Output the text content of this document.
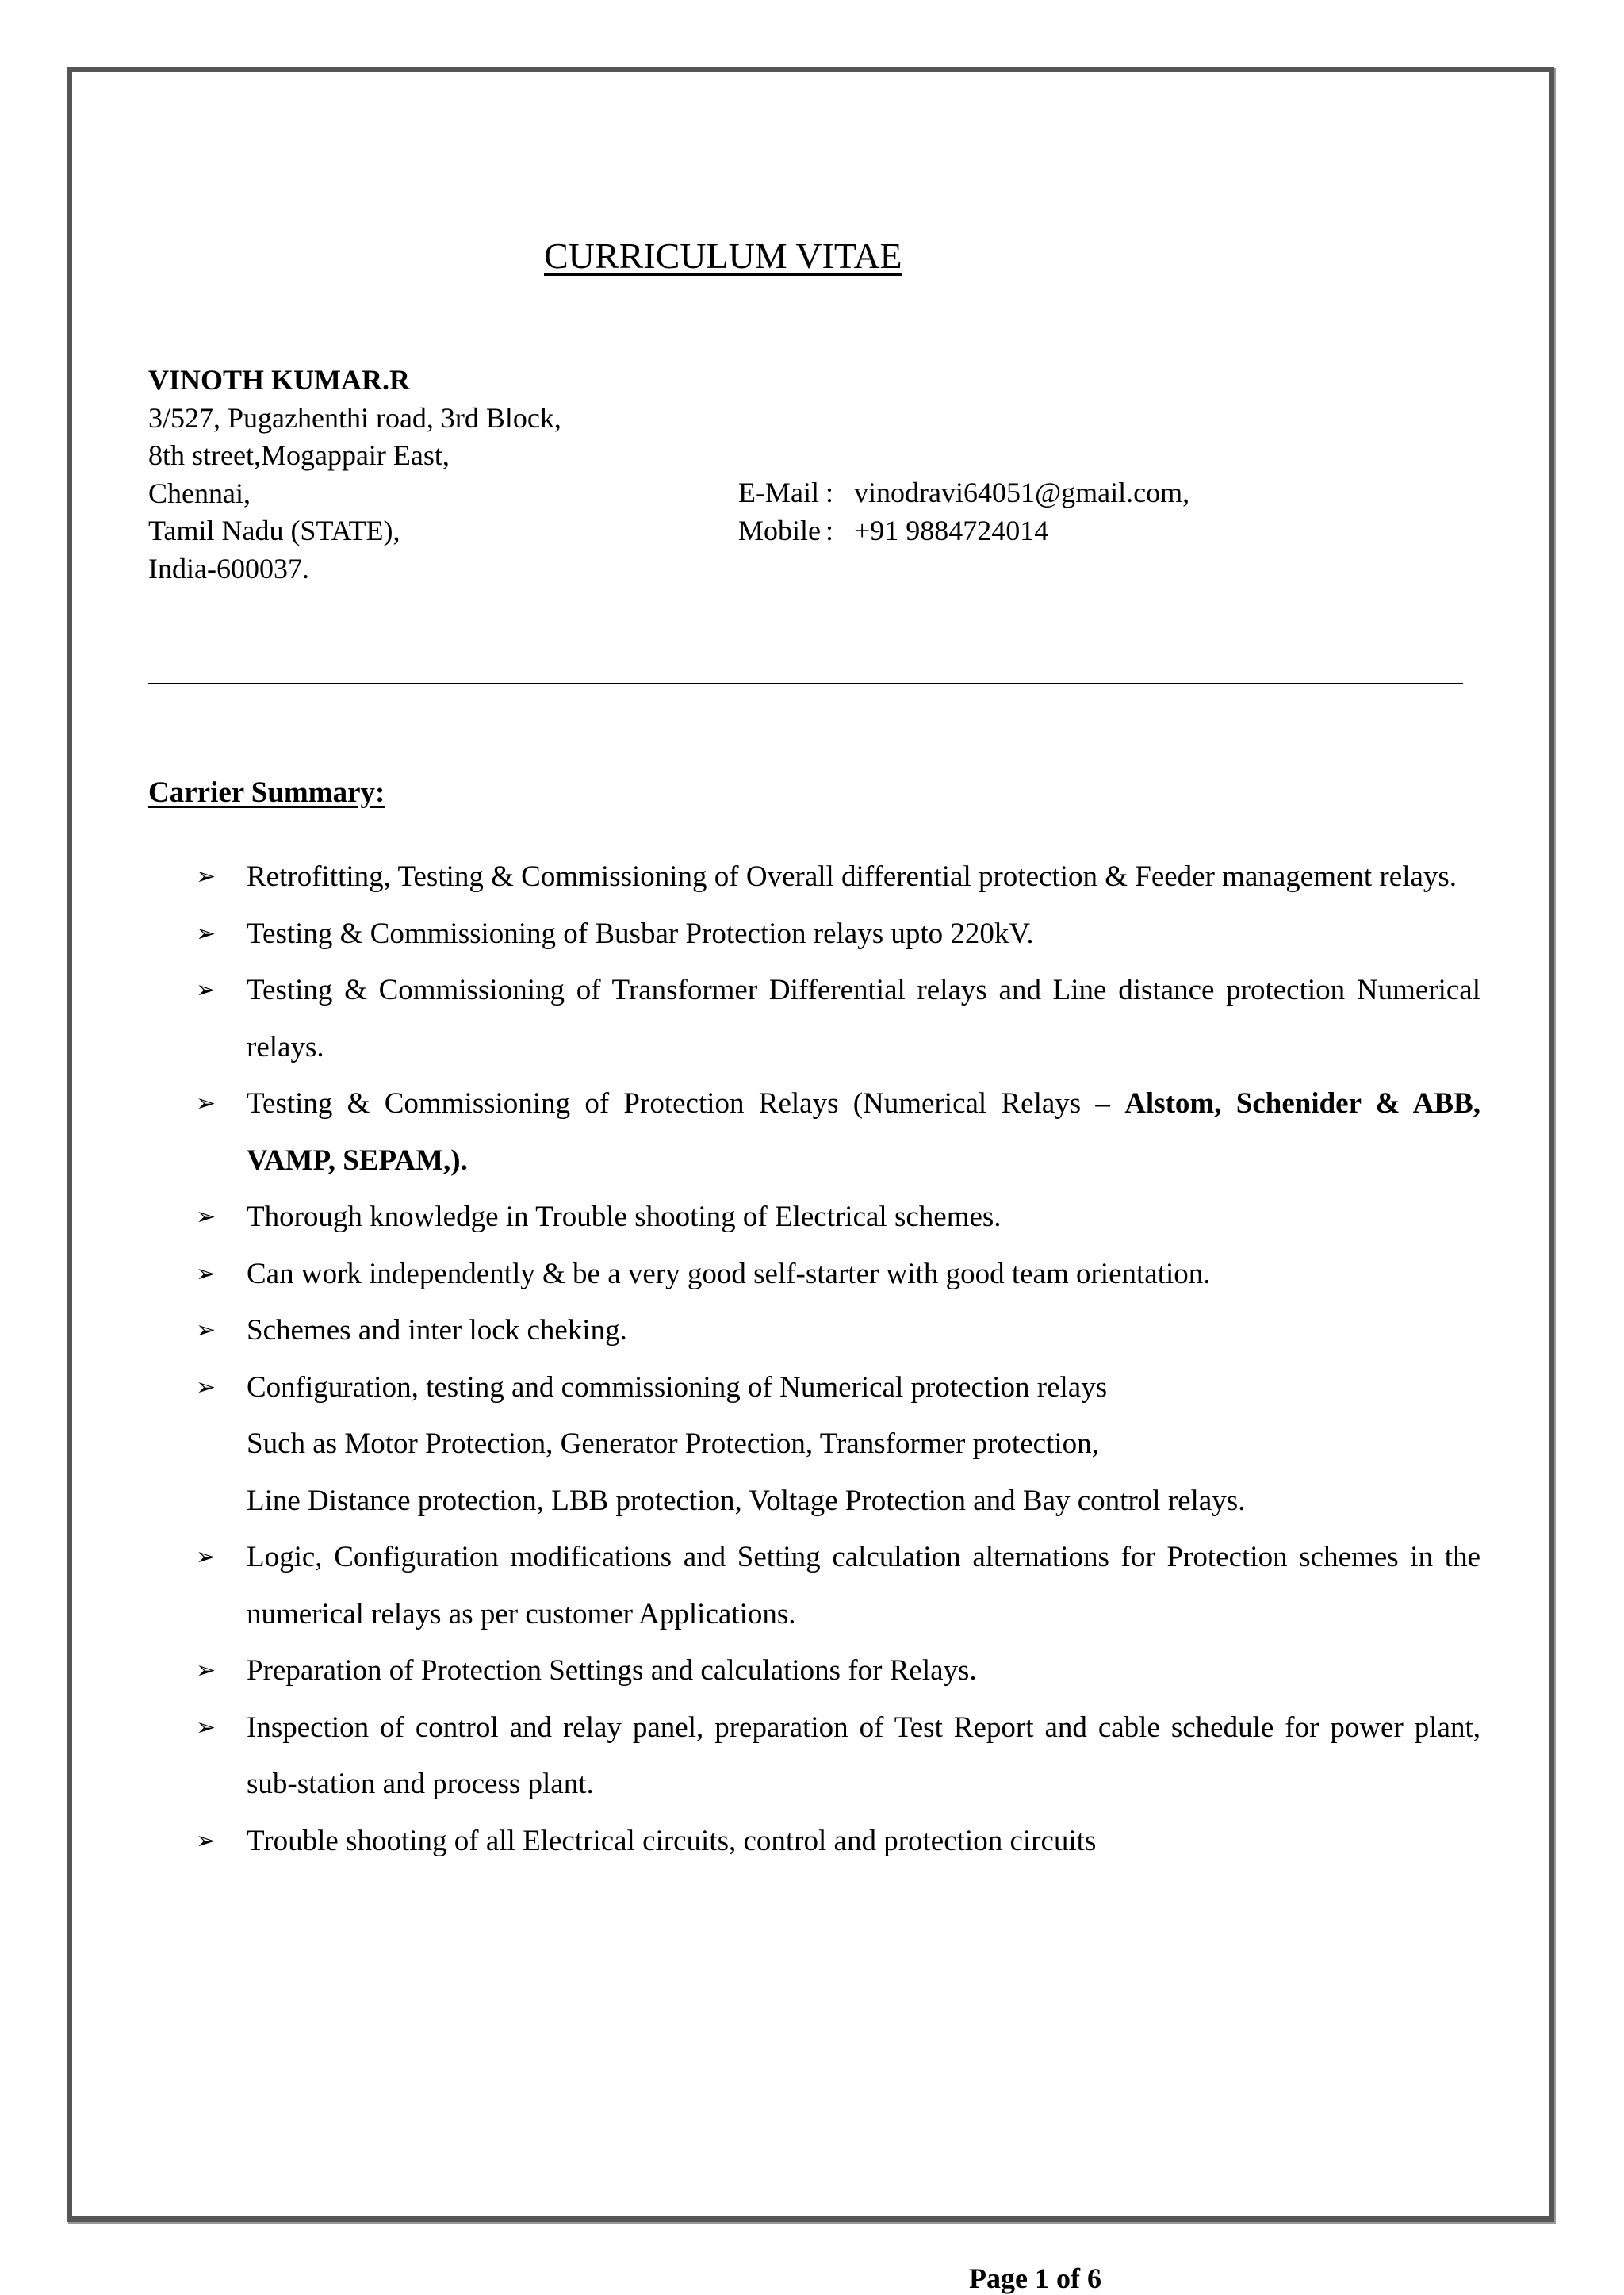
CURRICULUM VITAE
VINOTH KUMAR.R
3/527, Pugazhenthi road, 3rd Block,
8th street,Mogappair East,
Chennai,
Tamil Nadu (STATE),
India-600037.
E-Mail : vinodravi64051@gmail.com,
Mobile : +91 9884724014
Carrier Summary:
➢ Retrofitting, Testing & Commissioning of Overall differential protection & Feeder management relays.
➢ Testing & Commissioning of Busbar Protection relays upto 220kV.
➢ Testing & Commissioning of Transformer Differential relays and Line distance protection Numerical relays.
➢ Testing & Commissioning of Protection Relays (Numerical Relays – Alstom, Schenider & ABB, VAMP, SEPAM,).
➢ Thorough knowledge in Trouble shooting of Electrical schemes.
➢ Can work independently & be a very good self-starter with good team orientation.
➢ Schemes and inter lock cheking.
➢ Configuration, testing and commissioning of Numerical protection relays
Such as Motor Protection, Generator Protection, Transformer protection,
Line Distance protection, LBB protection, Voltage Protection and Bay control relays.
➢ Logic, Configuration modifications and Setting calculation alternations for Protection schemes in the numerical relays as per customer Applications.
➢ Preparation of Protection Settings and calculations for Relays.
➢ Inspection of control and relay panel, preparation of Test Report and cable schedule for power plant, sub-station and process plant.
➢ Trouble shooting of all Electrical circuits, control and protection circuits
Page 1 of 6
